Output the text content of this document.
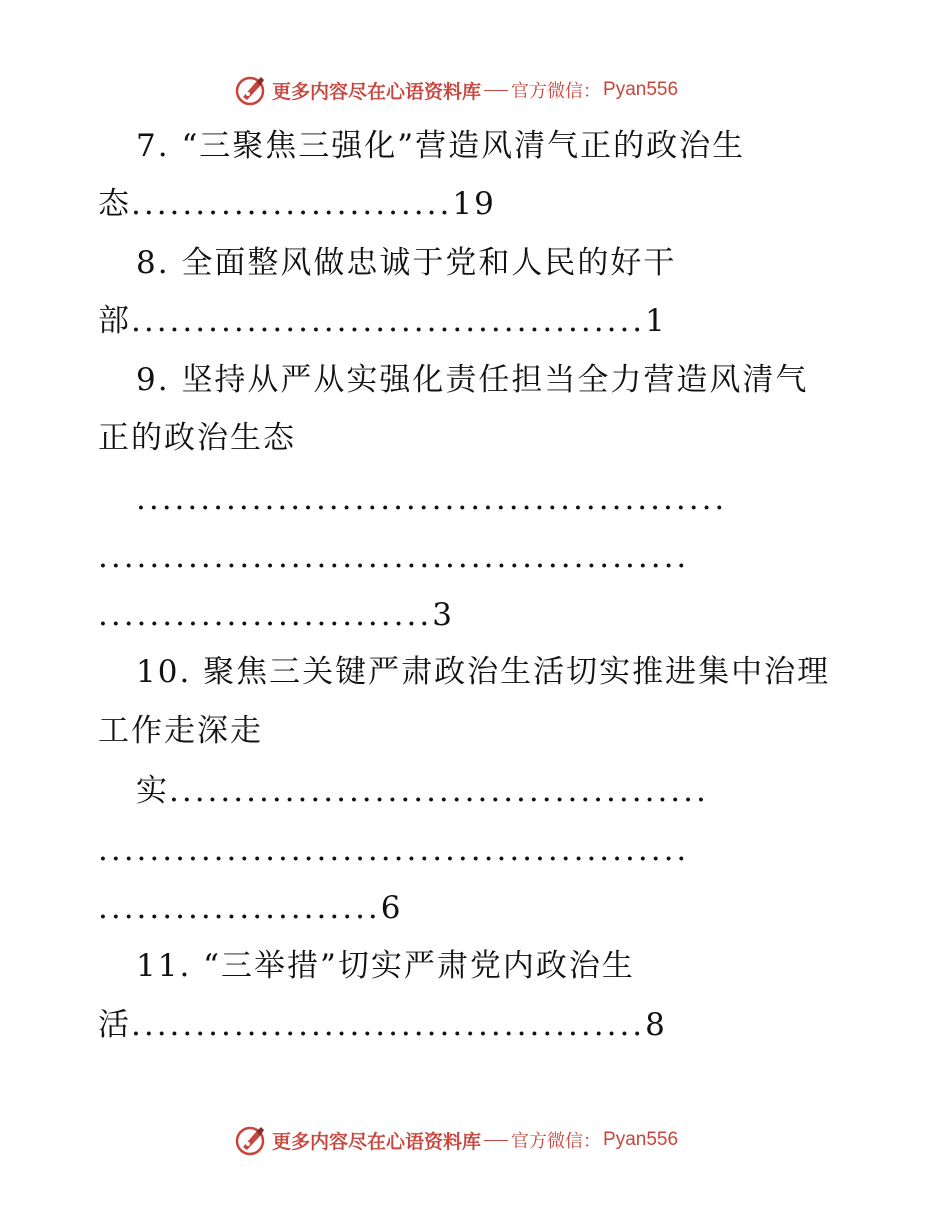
更多内容尽在心语资料库 官方微信： Pyan556
7. “三聚焦三强化”营造风清气正的政治生
态.........................19
8. 全面整风做忠诚于党和人民的好干
部........................................1
9. 坚持从严从实强化责任担当全力营造风清气
正的政治生态
..............................................
..............................................
..........................3
10. 聚焦三关键严肃政治生活切实推进集中治理
工作走深走
实..........................................
..............................................
......................6
11. “三举措”切实严肃党内政治生
活........................................8
更多内容尽在心语资料库 官方微信： Pyan556
